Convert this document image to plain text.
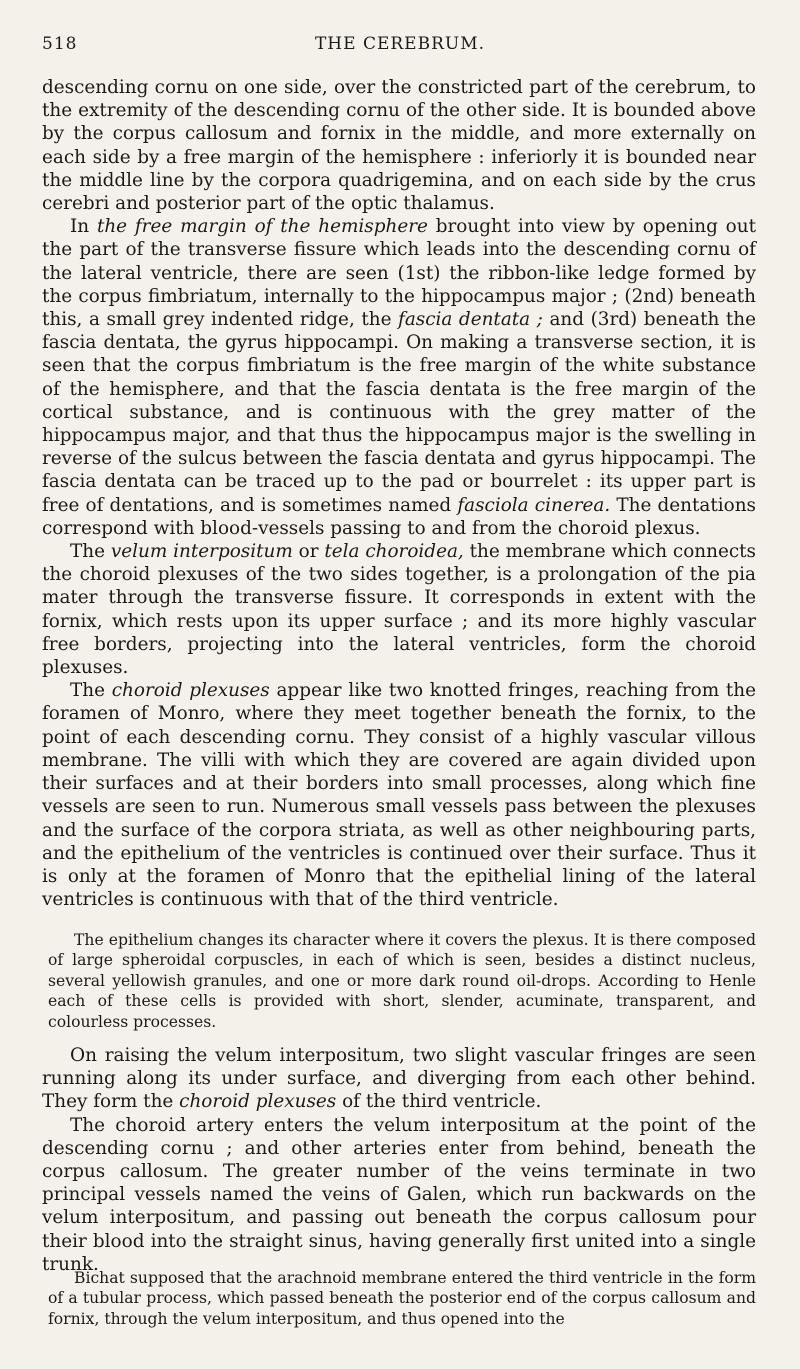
518	THE CEREBRUM.

descending cornu on one side, over the constricted part of the cerebrum, to the extremity of the descending cornu of the other side. It is bounded above by the corpus callosum and fornix in the middle, and more externally on each side by a free margin of the hemisphere : inferiorly it is bounded near the middle line by the corpora quadrigemina, and on each side by the crus cerebri and posterior part of the optic thalamus.

In the free margin of the hemisphere brought into view by opening out the part of the transverse fissure which leads into the descending cornu of the lateral ventricle, there are seen (1st) the ribbon-like ledge formed by the corpus fimbriatum, internally to the hippocampus major ; (2nd) beneath this, a small grey indented ridge, the fascia dentata ; and (3rd) beneath the fascia dentata, the gyrus hippocampi. On making a transverse section, it is seen that the corpus fimbriatum is the free margin of the white substance of the hemisphere, and that the fascia dentata is the free margin of the cortical substance, and is continuous with the grey matter of the hippocampus major, and that thus the hippocampus major is the swelling in reverse of the sulcus between the fascia dentata and gyrus hippocampi. The fascia dentata can be traced up to the pad or bourrelet : its upper part is free of dentations, and is sometimes named fasciola cinerea. The dentations correspond with blood-vessels passing to and from the choroid plexus.

The velum interpositum or tela choroidea, the membrane which connects the choroid plexuses of the two sides together, is a prolongation of the pia mater through the transverse fissure. It corresponds in extent with the fornix, which rests upon its upper surface ; and its more highly vascular free borders, projecting into the lateral ventricles, form the choroid plexuses.

The choroid plexuses appear like two knotted fringes, reaching from the foramen of Monro, where they meet together beneath the fornix, to the point of each descending cornu. They consist of a highly vascular villous membrane. The villi with which they are covered are again divided upon their surfaces and at their borders into small processes, along which fine vessels are seen to run. Numerous small vessels pass between the plexuses and the surface of the corpora striata, as well as other neighbouring parts, and the epithelium of the ventricles is continued over their surface. Thus it is only at the foramen of Monro that the epithelial lining of the lateral ventricles is continuous with that of the third ventricle.

The epithelium changes its character where it covers the plexus. It is there composed of large spheroidal corpuscles, in each of which is seen, besides a distinct nucleus, several yellowish granules, and one or more dark round oil-drops. According to Henle each of these cells is provided with short, slender, acuminate, transparent, and colourless processes.

On raising the velum interpositum, two slight vascular fringes are seen running along its under surface, and diverging from each other behind. They form the choroid plexuses of the third ventricle.

The choroid artery enters the velum interpositum at the point of the descending cornu ; and other arteries enter from behind, beneath the corpus callosum. The greater number of the veins terminate in two principal vessels named the veins of Galen, which run backwards on the velum interpositum, and passing out beneath the corpus callosum pour their blood into the straight sinus, having generally first united into a single trunk.

Bichat supposed that the arachnoid membrane entered the third ventricle in the form of a tubular process, which passed beneath the posterior end of the corpus callosum and fornix, through the velum interpositum, and thus opened into the
